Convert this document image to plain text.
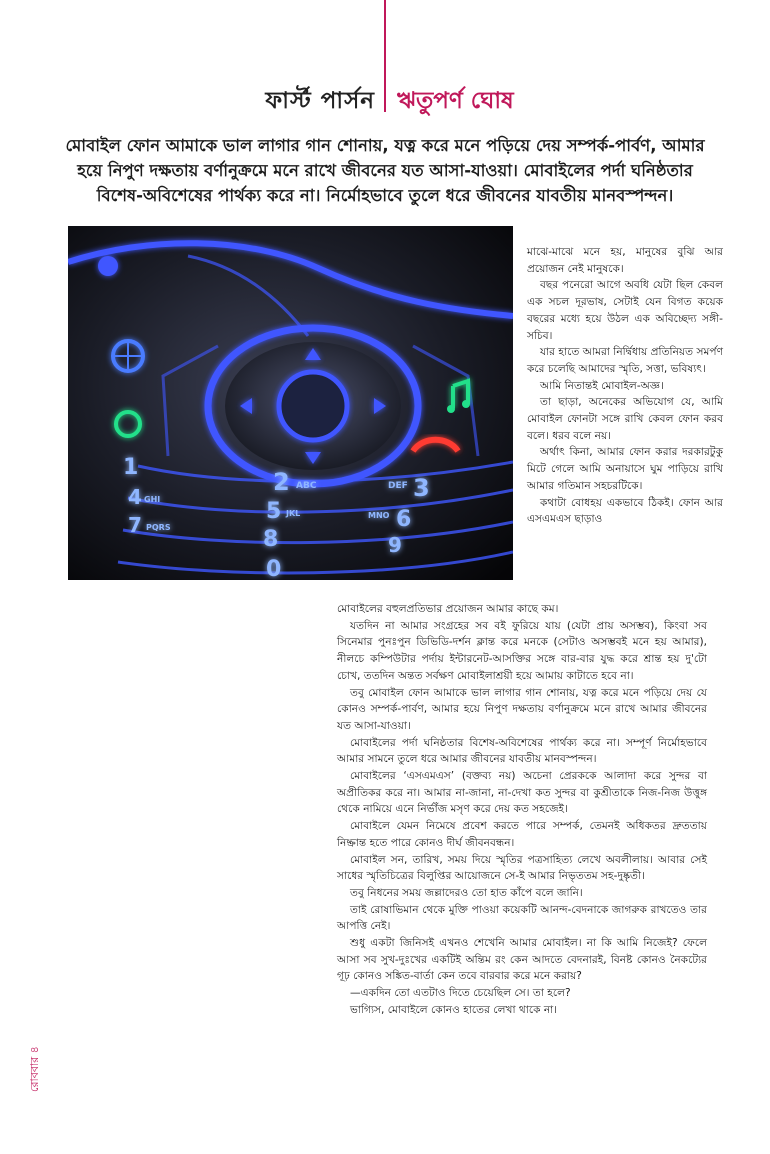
ফার্স্ট পার্সন ঋতুপর্ণ ঘোষ
মোবাইল ফোন আমাকে ভাল লাগার গান শোনায়, যত্ন করে মনে পড়িয়ে দেয় সম্পর্ক-পার্বণ, আমার হয়ে নিপুণ দক্ষতায় বর্ণানুক্রমে মনে রাখে জীবনের যত আসা-যাওয়া। মোবাইলের পর্দা ঘনিষ্ঠতার বিশেষ-অবিশেষের পার্থক্য করে না। নির্মোহভাবে তুলে ধরে জীবনের যাবতীয় মানবস্পন্দন।
1
2 ABC	3
DEF
4 GHI	5 JKL	6
MNO
7 PQRS	8	9
0

মাঝে-মাঝে মনে হয়, মানুষের বুঝি আর প্রয়োজন নেই মানুষকে।

বছর পনেরো আগে অবধি যেটা ছিল কেবল এক সচল দূরভাষ, সেটাই যেন বিগত কয়েক বছরের মধ্যে হয়ে উঠল এক অবিচ্ছেদ্য সঙ্গী-সচিব।

যার হাতে আমরা নির্দ্বিধায় প্রতিনিয়ত সমর্পণ করে চলেছি আমাদের স্মৃতি, সত্তা, ভবিষ্যৎ।

আমি নিতান্তই মোবাইল-অজ্ঞ।

তা ছাড়া, অনেকের অভিযোগ যে, আমি মোবাইল ফোনটা সঙ্গে রাখি কেবল ফোন করব বলে। ধরব বলে নয়।

অর্থাৎ কিনা, আমার ফোন করার দরকারটুকু মিটে গেলে আমি অনায়াসে ঘুম পাড়িয়ে রাখি আমার গতিমান সহচরটিকে।

কথাটা বোধহয় একভাবে ঠিকই। ফোন আর এসএমএস ছাড়াও

মোবাইলের বহুলপ্রতিভার প্রয়োজন আমার কাছে কম।

যতদিন না আমার সংগ্রহের সব বই ফুরিয়ে যায় (যেটা প্রায় অসম্ভব), কিংবা সব সিনেমার পুনঃপুন ডিভিডি-দর্শন ক্লান্ত করে মনকে (সেটাও অসম্ভবই মনে হয় আমার), নীলচে কম্পিউটার পর্দায় ইন্টারনেট-আসক্তির সঙ্গে বার-বার যুদ্ধ করে শ্রান্ত হয় দু'টো চোখ, ততদিন অন্তত সর্বক্ষণ মোবাইলাশ্রয়ী হয়ে আমায় কাটাতে হবে না।

তবু মোবাইল ফোন আমাকে ভাল লাগার গান শোনায়, যত্ন করে মনে পড়িয়ে দেয় যে কোনও সম্পর্ক-পার্বণ, আমার হয়ে নিপুণ দক্ষতায় বর্ণানুক্রমে মনে রাখে আমার জীবনের যত আসা-যাওয়া।

মোবাইলের পর্দা ঘনিষ্ঠতার বিশেষ-অবিশেষের পার্থক্য করে না। সম্পূর্ণ নির্মোহভাবে আমার সামনে তুলে ধরে আমার জীবনের যাবতীয় মানবস্পন্দন।

মোবাইলের ‘এসএমএস’ (বক্তব্য নয়) অচেনা প্রেরককে আলাদা করে সুন্দর বা অপ্রীতিকর করে না। আমার না-জানা, না-দেখা কত সুন্দর বা কুশ্রীতাকে নিজ-নিজ উত্তুঙ্গ থেকে নামিয়ে এনে নির্ভাঁজ মসৃণ করে দেয় কত সহজেই।

মোবাইলে যেমন নিমেষে প্রবেশ করতে পারে সম্পর্ক, তেমনই অধিকতর দ্রুততায় নিষ্ক্রান্ত হতে পারে কোনও দীর্ঘ জীবনবন্ধন।

মোবাইল সন, তারিখ, সময় দিয়ে স্মৃতির পত্রসাহিত্য লেখে অবলীলায়। আবার সেই সাধের স্মৃতিচিত্রের বিলুপ্তির আয়োজনে সে-ই আমার নিভৃততম সহ-দুষ্কৃতী।

তবু নিধনের সময় জল্লাদেরও তো হাত কাঁপে বলে জানি।

তাই রোষাভিমান থেকে মুক্তি পাওয়া কয়েকটি আনন্দ-বেদনাকে জাগরুক রাখতেও তার আপত্তি নেই।

শুধু একটা জিনিসই এখনও শেখেনি আমার মোবাইল। না কি আমি নিজেই? ফেলে আসা সব সুখ-দুঃখের একটিই অন্তিম রং কেন আদতে বেদনারই, বিনষ্ট কোনও নৈকট্যের গূঢ় কোনও সঙ্কিত-বার্তা কেন তবে বারবার করে মনে করায়?

—একদিন তো এতটাও দিতে চেয়েছিল সে। তা হলে?

ভাগ্যিস, মোবাইলে কোনও হাতের লেখা থাকে না।

রোববার ৪
